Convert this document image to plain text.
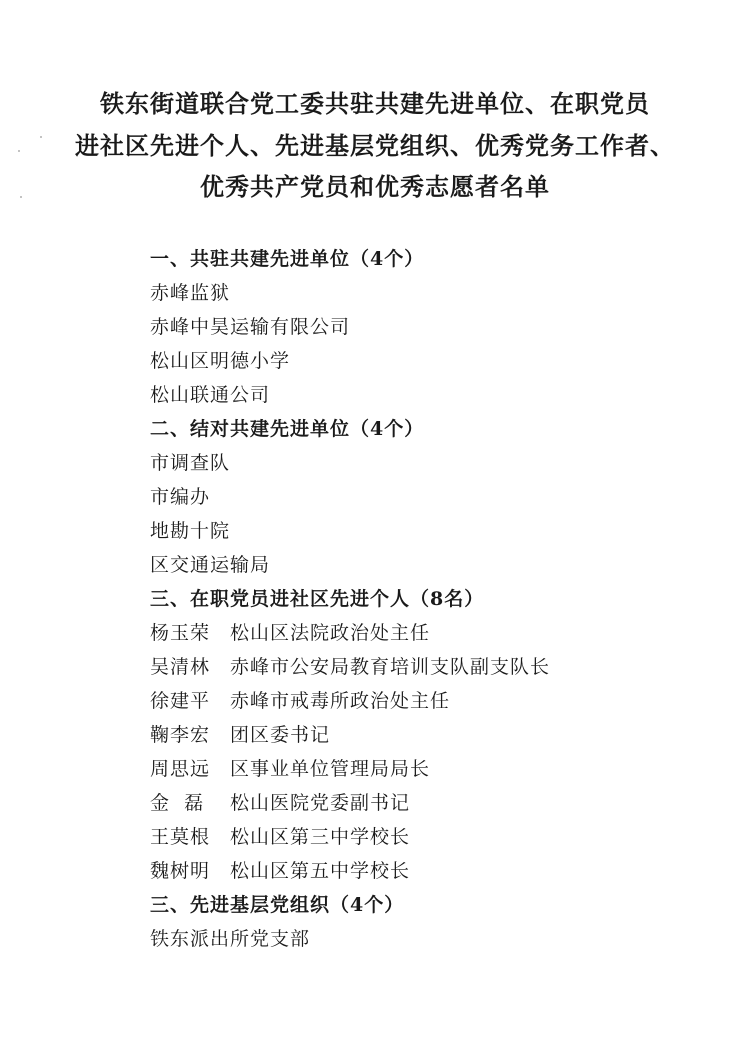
铁东街道联合党工委共驻共建先进单位、在职党员
进社区先进个人、先进基层党组织、优秀党务工作者、
优秀共产党员和优秀志愿者名单
一、共驻共建先进单位（4个）
赤峰监狱
赤峰中昊运输有限公司
松山区明德小学
松山联通公司
二、结对共建先进单位（4个）
市调查队
市编办
地勘十院
区交通运输局
三、在职党员进社区先进个人（8名）
杨玉荣 松山区法院政治处主任
吴清林 赤峰市公安局教育培训支队副支队长
徐建平 赤峰市戒毒所政治处主任
鞠李宏 团区委书记
周思远 区事业单位管理局局长
金  磊 松山医院党委副书记
王莫根 松山区第三中学校长
魏树明 松山区第五中学校长
三、先进基层党组织（4个）
铁东派出所党支部
